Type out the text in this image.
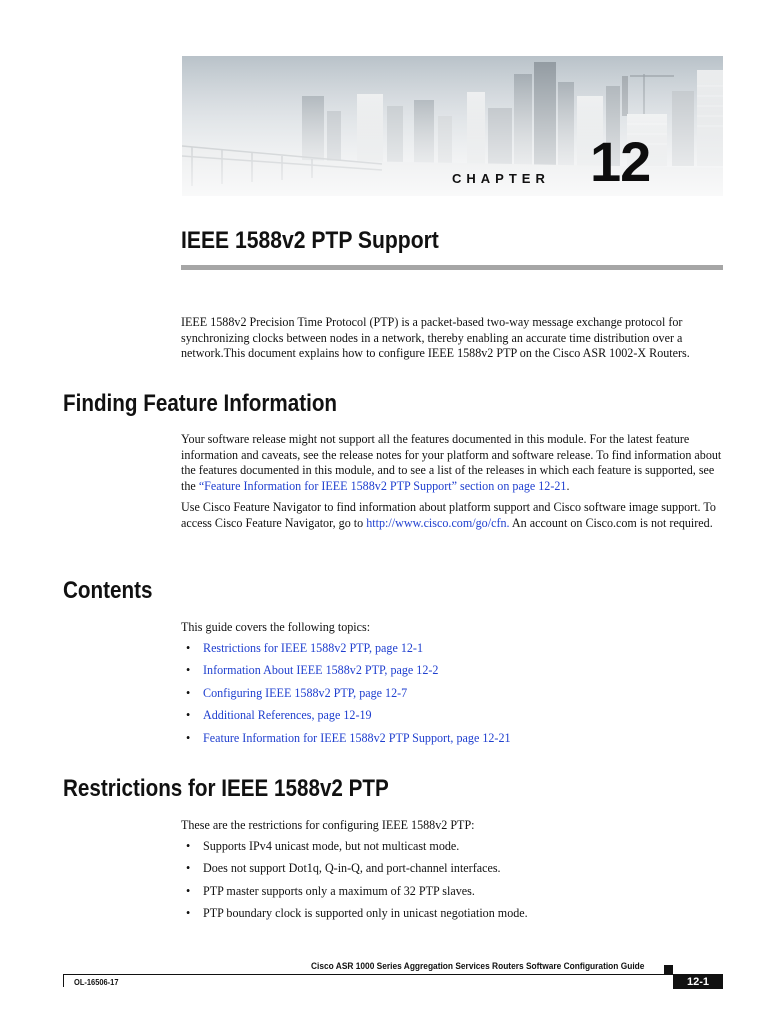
CHAPTER 12
IEEE 1588v2 PTP Support

IEEE 1588v2 Precision Time Protocol (PTP) is a packet-based two-way message exchange protocol for synchronizing clocks between nodes in a network, thereby enabling an accurate time distribution over a network.This document explains how to configure IEEE 1588v2 PTP on the Cisco ASR 1002-X Routers.

Finding Feature Information

Your software release might not support all the features documented in this module. For the latest feature information and caveats, see the release notes for your platform and software release. To find information about the features documented in this module, and to see a list of the releases in which each feature is supported, see the “Feature Information for IEEE 1588v2 PTP Support” section on page 12-21.

Use Cisco Feature Navigator to find information about platform support and Cisco software image support. To access Cisco Feature Navigator, go to http://www.cisco.com/go/cfn. An account on Cisco.com is not required.

Contents

This guide covers the following topics:

• Restrictions for IEEE 1588v2 PTP, page 12-1
• Information About IEEE 1588v2 PTP, page 12-2
• Configuring IEEE 1588v2 PTP, page 12-7
• Additional References, page 12-19
• Feature Information for IEEE 1588v2 PTP Support, page 12-21
Restrictions for IEEE 1588v2 PTP

These are the restrictions for configuring IEEE 1588v2 PTP:

• Supports IPv4 unicast mode, but not multicast mode.
• Does not support Dot1q, Q-in-Q, and port-channel interfaces.
• PTP master supports only a maximum of 32 PTP slaves.
• PTP boundary clock is supported only in unicast negotiation mode.
Cisco ASR 1000 Series Aggregation Services Routers Software Configuration Guide
OL-16506-17	12-1
